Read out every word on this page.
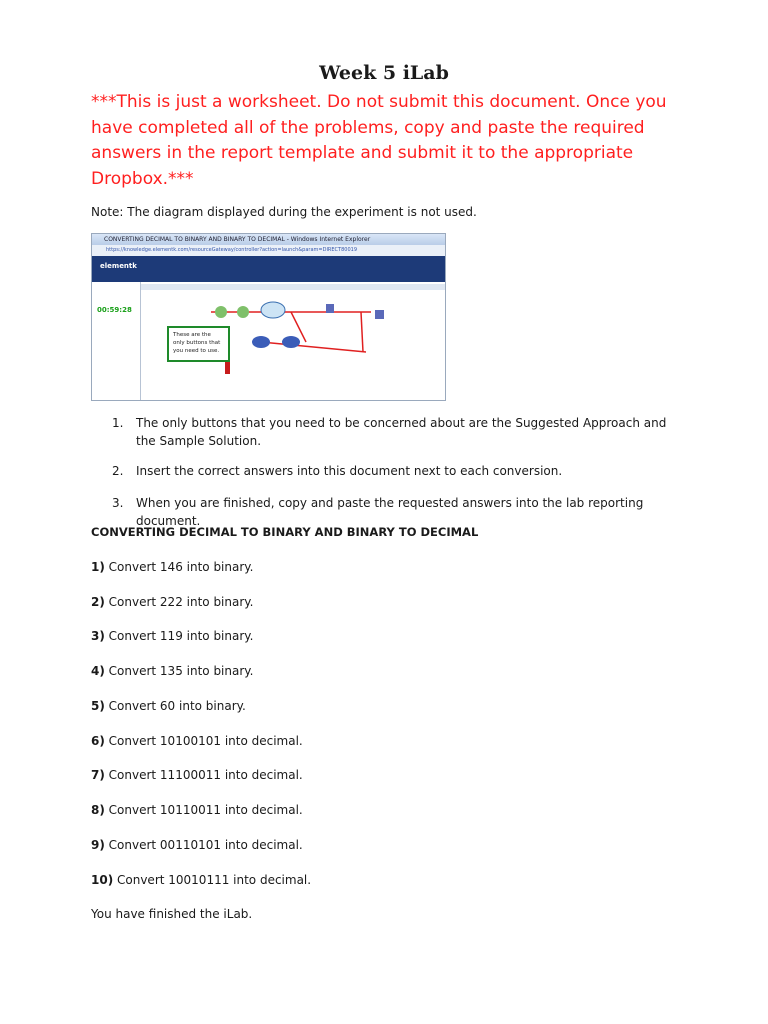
Week 5 iLab
***This is just a worksheet. Do not submit this document. Once you have completed all of the problems, copy and paste the required answers in the report template and submit it to the appropriate Dropbox.***
Note: The diagram displayed during the experiment is not used.
CONVERTING DECIMAL TO BINARY AND BINARY TO DECIMAL - Windows Internet Explorer
https://knowledge.elementk.com/resourceGateway/controller?action=launch&param=DIRECT80019
elementk
00:59:28
These are the only buttons that you need to use.
1.	The only buttons that you need to be concerned about are the Suggested Approach and the Sample Solution.
2.	Insert the correct answers into this document next to each conversion.
3.	When you are finished, copy and paste the requested answers into the lab reporting document.
CONVERTING DECIMAL TO BINARY AND BINARY TO DECIMAL
1) Convert 146 into binary.
2) Convert 222 into binary.
3) Convert 119 into binary.
4) Convert 135 into binary.
5) Convert 60 into binary.
6) Convert 10100101 into decimal.
7) Convert 11100011 into decimal.
8) Convert 10110011 into decimal.
9) Convert 00110101 into decimal.
10) Convert 10010111 into decimal.
You have finished the iLab.
